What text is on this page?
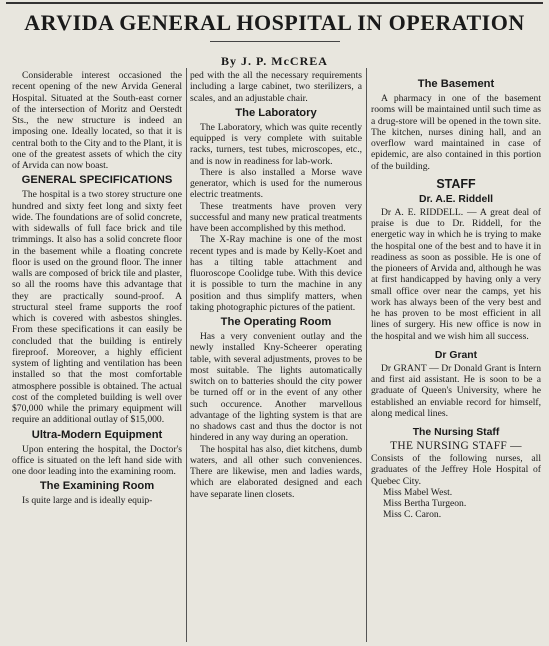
ARVIDA GENERAL HOSPITAL IN OPERATION
By J. P. McCREA

Considerable interest occasioned the recent opening of the new Arvida General Hospital. Situated at the South-east corner of the intersection of Moritz and Oerstedt Sts., the new structure is indeed an imposing one. Ideally located, so that it is central both to the City and to the Plant, it is one of the greatest assets of which the city of Arvida can now boast.

GENERAL SPECIFICATIONS

The hospital is a two storey structure one hundred and sixty feet long and sixty feet wide. The foundations are of solid concrete, with sidewalls of full face brick and tile trimmings. It also has a solid concrete floor in the basement while a floating concrete floor is used on the ground floor. The inner walls are composed of brick tile and plaster, so all the rooms have this advantage that they are practically sound-proof. A structural steel frame supports the roof which is covered with asbestos shingles. From these specifications it can easily be concluded that the building is entirely fireproof. Moreover, a highly efficient system of lighting and ventilation has been installed so that the most comfortable atmosphere possible is obtained. The actual cost of the completed building is well over $70,000 while the primary equipment will require an additional outlay of $15,000.

Ultra-Modern Equipment

Upon entering the hospital, the Doctor's office is situated on the left hand side with one door leading into the examining room.

The Examining Room

Is quite large and is ideally equip-

ped with the all the necessary requirements including a large cabinet, two sterilizers, a scales, and an adjustable chair.

The Laboratory

The Laboratory, which was quite recently equipped is very complete with suitable racks, turners, test tubes, microscopes, etc., and is now in readiness for lab-work.

There is also installed a Morse wave generator, which is used for the numerous electric treatments.

These treatments have proven very successful and many new pratical treatments have been accomplished by this method.

The X-Ray machine is one of the most recent types and is made by Kelly-Koet and has a tilting table attachment and fluoroscope Coolidge tube. With this device it is possible to turn the machine in any position and thus simplify matters, when taking photographic pictures of the patient.

The Operating Room

Has a very convenient outlay and the newly installed Kny-Scheerer operating table, with several adjustments, proves to be most suitable. The lights automatically switch on to batteries should the city power be turned off or in the event of any other such occurence. Another marvellous advantage of the lighting system is that are no shadows cast and thus the doctor is not hindered in any way during an operation.

The hospital has also, diet kitchens, dumb waters, and all other such conveniences. There are likewise, men and ladies wards, which are elaborated designed and each have separate linen closets.

The Basement

A pharmacy in one of the basement rooms will be maintained until such time as a drug-store will be opened in the town site. The kitchen, nurses dining hall, and an overflow ward maintained in case of epidemic, are also contained in this portion of the building.

STAFF
Dr. A.E. Riddell

Dr A. E. RIDDELL. — A great deal of praise is due to Dr. Riddell, for the energetic way in which he is trying to make the hospital one of the best and to have it in readiness as soon as possible. He is one of the pioneers of Arvida and, although he was at first handicapped by having only a very small office over near the camps, yet his work has always been of the very best and he has proven to be most efficient in all lines of surgery. His new office is now in the hospital and we wish him all success.

Dr Grant

Dr GRANT — Dr Donald Grant is Intern and first aid assistant. He is soon to be a graduate of Queen's University, where he established an enviable record for himself, along medical lines.

The Nursing Staff
THE NURSING STAFF —

Consists of the following nurses, all graduates of the Jeffrey Hole Hospital of Quebec City.

Miss Mabel West.
Miss Bertha Turgeon.
Miss C. Caron.
